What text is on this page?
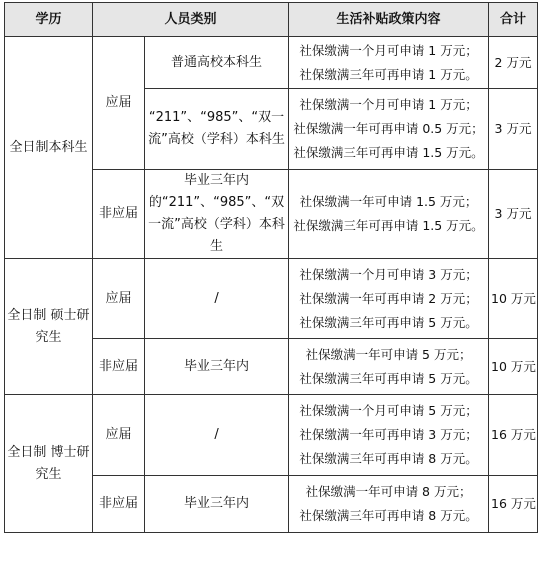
学历	人员类别		生活补贴政策内容	合计
全日制本科生	应届	普通高校本科生	社保缴满一个月可申请 1 万元；
社保缴满三年可再申请 1 万元。	2 万元
		“211”、“985”、“双一流”高校（学科）本科生	社保缴满一个月可申请 1 万元；
社保缴满一年可再申请 0.5 万元；
社保缴满三年可再申请 1.5 万元。	3 万元
	非应届	毕业三年内的“211”、“985”、“双一流”高校（学科）本科生	社保缴满一年可申请 1.5 万元；
社保缴满三年可再申请 1.5 万元。	3 万元
全日制 硕士研究生	应届	/	社保缴满一个月可申请 3 万元；
社保缴满一年可再申请 2 万元；
社保缴满三年可再申请 5 万元。	10 万元
	非应届	毕业三年内	社保缴满一年可申请 5 万元；
社保缴满三年可再申请 5 万元。	10 万元
全日制 博士研究生	应届	/	社保缴满一个月可申请 5 万元；
社保缴满一年可再申请 3 万元；
社保缴满三年可再申请 8 万元。	16 万元
	非应届	毕业三年内	社保缴满一年可申请 8 万元；
社保缴满三年可再申请 8 万元。	16 万元
